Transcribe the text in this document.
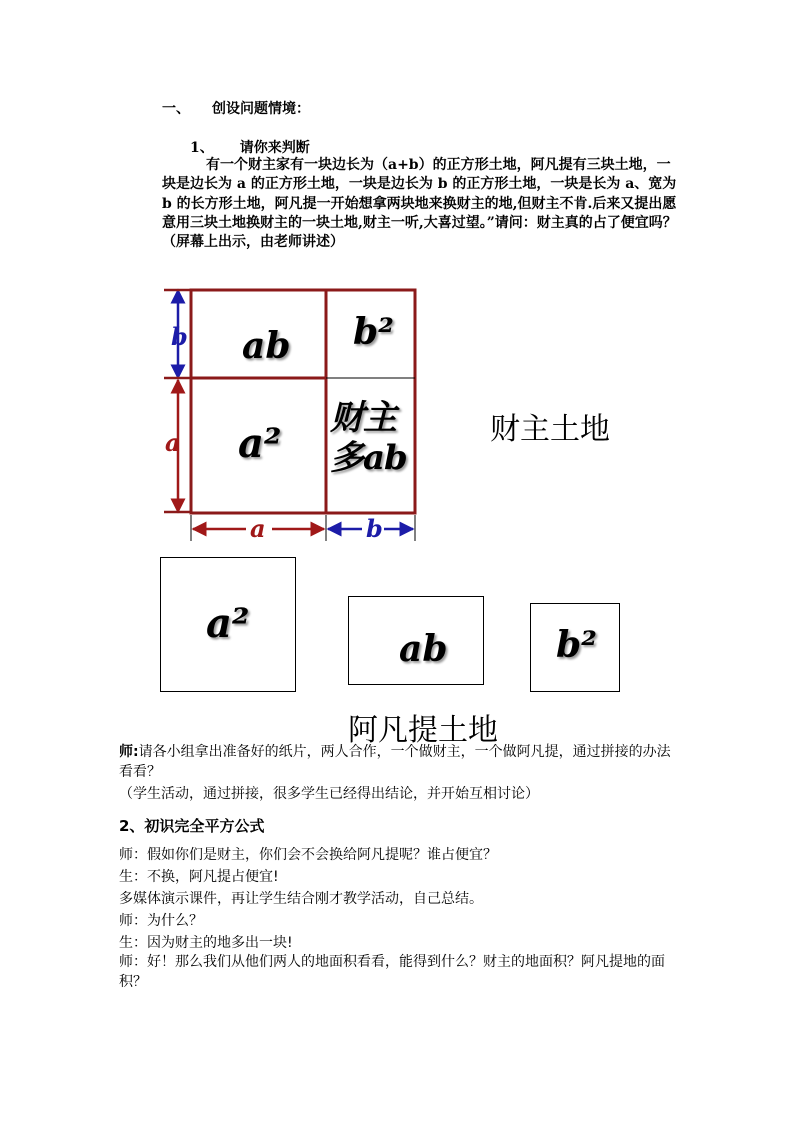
一、 创设问题情境：
1、 请你来判断
有一个财主家有一块边长为（a+b）的正方形土地，阿凡提有三块土地，一块是边长为 a 的正方形土地，一块是边长为 b 的正方形土地，一块是长为 a、宽为 b 的长方形土地，阿凡提一开始想拿两块地来换财主的地,但财主不肯.后来又提出愿意用三块土地换财主的一块土地,财主一听,大喜过望。”请问：财主真的占了便宜吗？（屏幕上出示，由老师讲述）
ab b²
a²
财主
多ab
b
a
a	b
财主土地
a²
ab	b²
阿凡提土地
师:请各小组拿出准备好的纸片，两人合作，一个做财主，一个做阿凡提，通过拼接的办法看看？
（学生活动，通过拼接，很多学生已经得出结论，并开始互相讨论）
2、初识完全平方公式
师：假如你们是财主，你们会不会换给阿凡提呢？谁占便宜？
生：不换，阿凡提占便宜!
多媒体演示课件，再让学生结合刚才教学活动，自己总结。
师：为什么？
生：因为财主的地多出一块!
师：好！那么我们从他们两人的地面积看看，能得到什么？财主的地面积？阿凡提地的面积？
